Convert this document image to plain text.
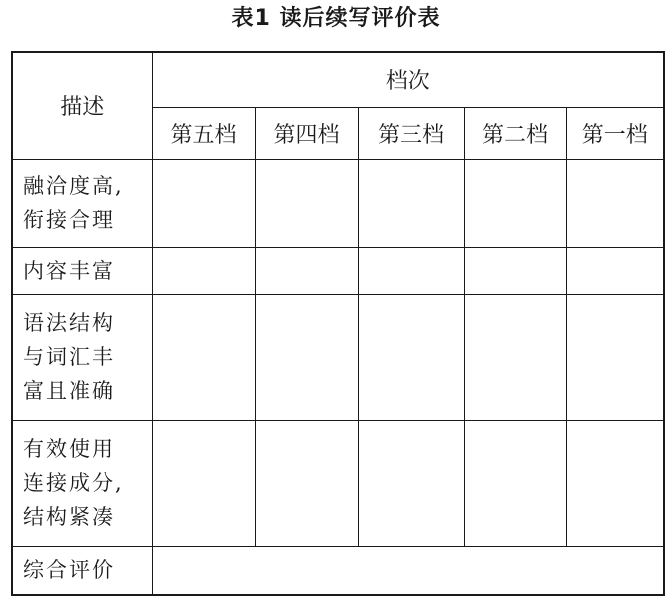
表1 读后续写评价表
描述	档次				
	第五档	第四档	第三档	第二档	第一档

融洽度高,
衔接合理					

内容丰富					

语法结构
与词汇丰
富且准确					

有效使用
连接成分,
结构紧凑					

综合评价					
